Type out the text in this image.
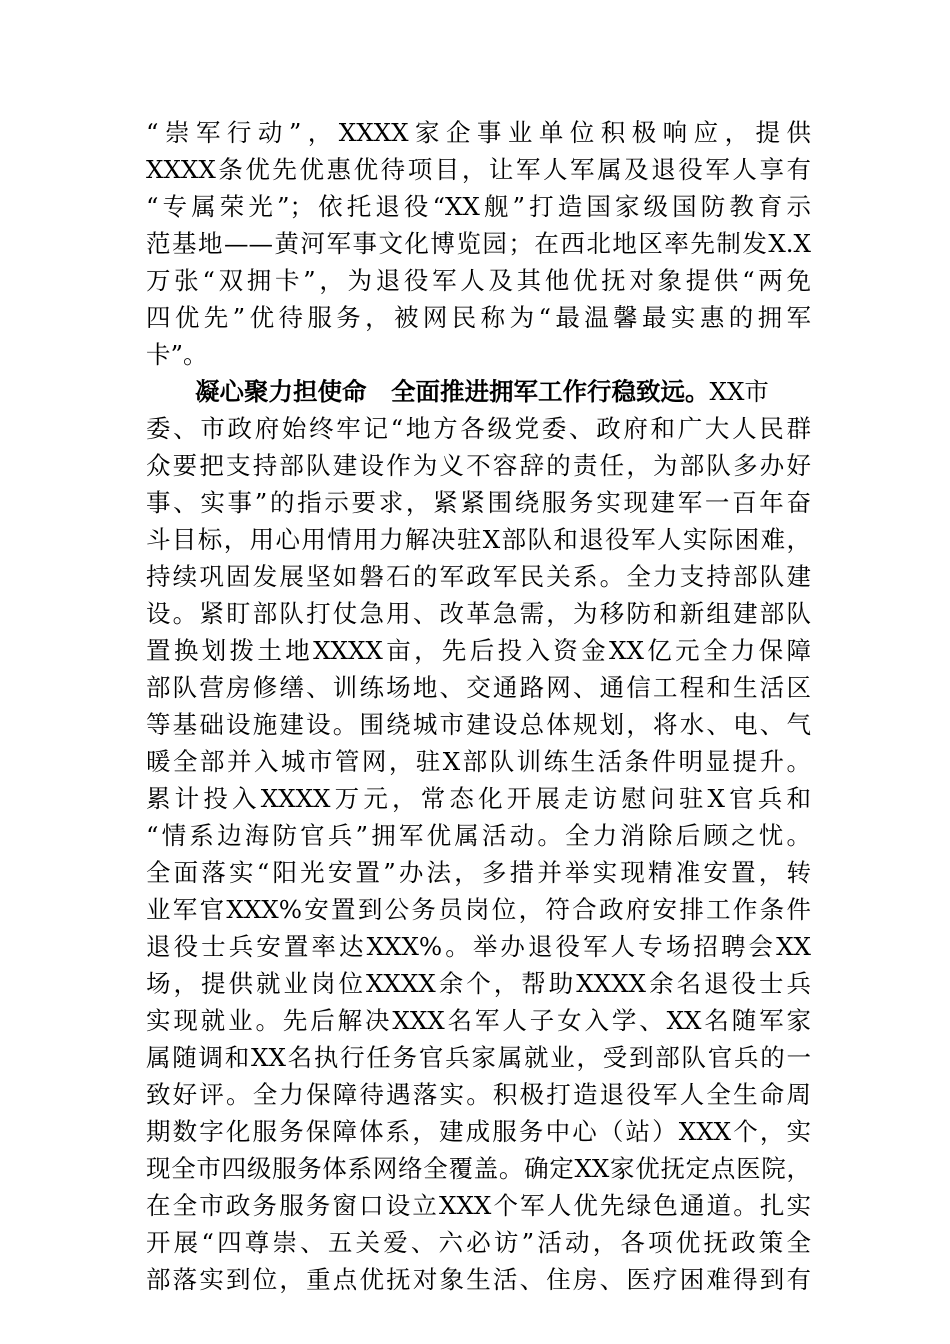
“崇军行动”，XXXX家企事业单位积极响应，提供
XXXX条优先优惠优待项目，让军人军属及退役军人享有
“专属荣光”；依托退役“XX舰”打造国家级国防教育示
范基地——黄河军事文化博览园；在西北地区率先制发X.X
万张“双拥卡”，为退役军人及其他优抚对象提供“两免
四优先”优待服务，被网民称为“最温馨最实惠的拥军
卡”。
凝心聚力担使命　全面推进拥军工作行稳致远。XX市
委、市政府始终牢记“地方各级党委、政府和广大人民群
众要把支持部队建设作为义不容辞的责任，为部队多办好
事、实事”的指示要求，紧紧围绕服务实现建军一百年奋
斗目标，用心用情用力解决驻X部队和退役军人实际困难，
持续巩固发展坚如磐石的军政军民关系。全力支持部队建
设。紧盯部队打仗急用、改革急需，为移防和新组建部队
置换划拨土地XXXX亩，先后投入资金XX亿元全力保障
部队营房修缮、训练场地、交通路网、通信工程和生活区
等基础设施建设。围绕城市建设总体规划，将水、电、气
暖全部并入城市管网，驻X部队训练生活条件明显提升。
累计投入XXXX万元，常态化开展走访慰问驻X官兵和
“情系边海防官兵”拥军优属活动。全力消除后顾之忧。
全面落实“阳光安置”办法，多措并举实现精准安置，转
业军官XXX%安置到公务员岗位，符合政府安排工作条件
退役士兵安置率达XXX%。举办退役军人专场招聘会XX
场，提供就业岗位XXXX余个，帮助XXXX余名退役士兵
实现就业。先后解决XXX名军人子女入学、XX名随军家
属随调和XX名执行任务官兵家属就业，受到部队官兵的一
致好评。全力保障待遇落实。积极打造退役军人全生命周
期数字化服务保障体系，建成服务中心（站）XXX个，实
现全市四级服务体系网络全覆盖。确定XX家优抚定点医院，
在全市政务服务窗口设立XXX个军人优先绿色通道。扎实
开展“四尊崇、五关爱、六必访”活动，各项优抚政策全
部落实到位，重点优抚对象生活、住房、医疗困难得到有
